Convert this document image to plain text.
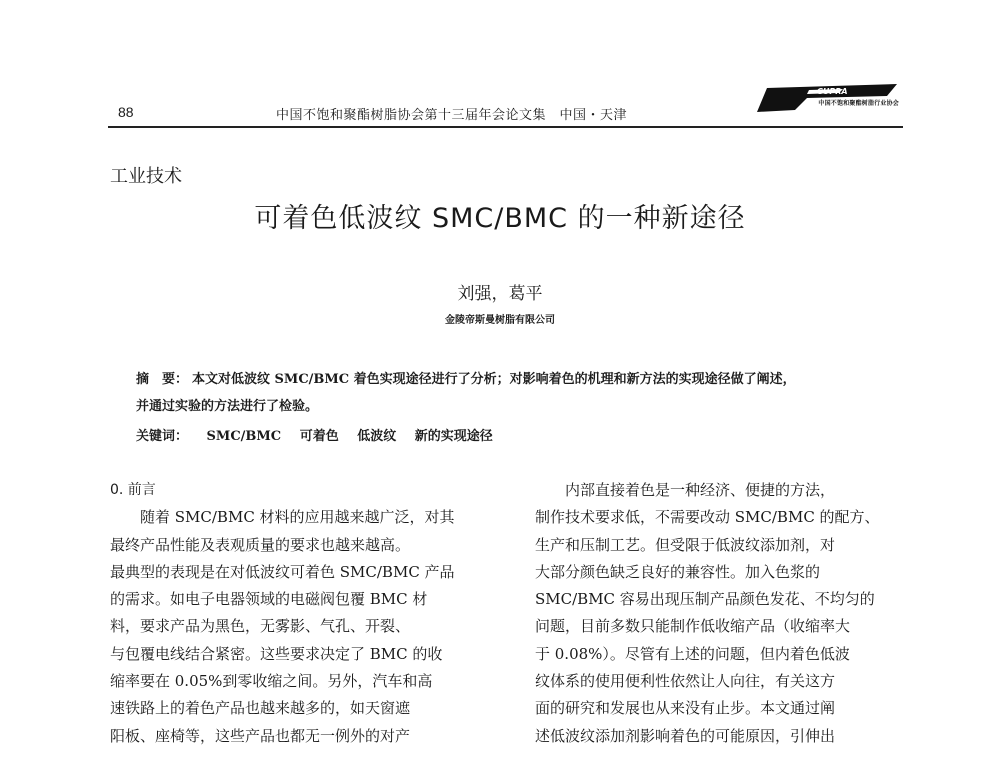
88	中国不饱和聚酯树脂协会第十三届年会论文集　中国・天津
CUPRA
中国不饱和聚酯树脂行业协会
工业技术
可着色低波纹 SMC/BMC 的一种新途径
刘强，葛平
金陵帝斯曼树脂有限公司

摘　要： 本文对低波纹 SMC/BMC 着色实现途径进行了分析；对影响着色的机理和新方法的实现途径做了阐述，

并通过实验的方法进行了检验。

关键词： SMC/BMC 可着色 低波纹 新的实现途径
0. 前言
　　随着 SMC/BMC 材料的应用越来越广泛，对其
最终产品性能及表观质量的要求也越来越高。
最典型的表现是在对低波纹可着色 SMC/BMC 产品
的需求。如电子电器领域的电磁阀包覆 BMC 材
料，要求产品为黑色，无雾影、气孔、开裂、
与包覆电线结合紧密。这些要求决定了 BMC 的收
缩率要在 0.05%到零收缩之间。另外，汽车和高
速铁路上的着色产品也越来越多的，如天窗遮
阳板、座椅等，这些产品也都无一例外的对产
　　内部直接着色是一种经济、便捷的方法，
制作技术要求低，不需要改动 SMC/BMC 的配方、
生产和压制工艺。但受限于低波纹添加剂，对
大部分颜色缺乏良好的兼容性。加入色浆的
SMC/BMC 容易出现压制产品颜色发花、不均匀的
问题，目前多数只能制作低收缩产品（收缩率大
于 0.08%）。尽管有上述的问题，但内着色低波
纹体系的使用便利性依然让人向往，有关这方
面的研究和发展也从来没有止步。本文通过阐
述低波纹添加剂影响着色的可能原因，引伸出
